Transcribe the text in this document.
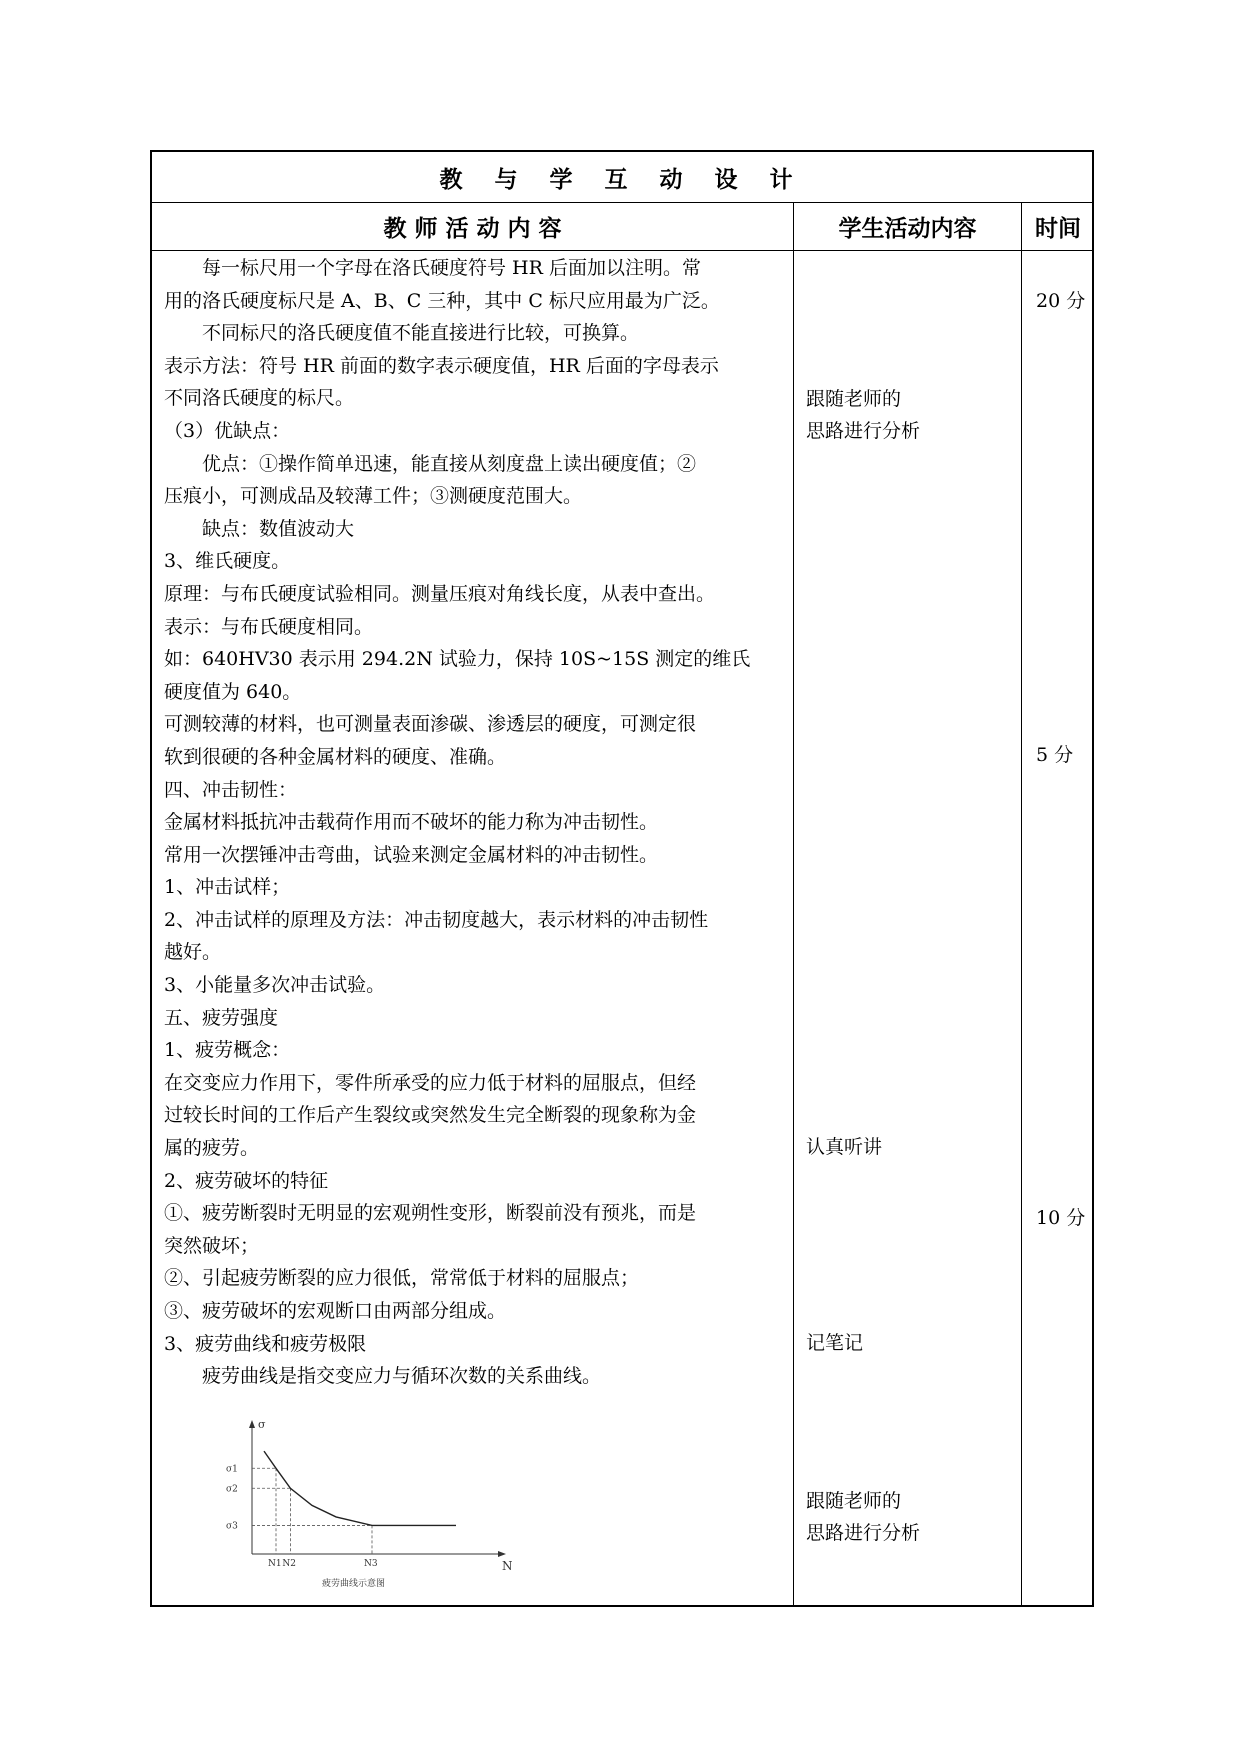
教 与 学 互 动 设 计
教 师 活 动 内 容	学生活动内容	时间
每一标尺用一个字母在洛氏硬度符号 HR 后面加以注明。常
用的洛氏硬度标尺是 A、B、C 三种，其中 C 标尺应用最为广泛。
不同标尺的洛氏硬度值不能直接进行比较，可换算。
表示方法：符号 HR 前面的数字表示硬度值，HR 后面的字母表示
不同洛氏硬度的标尺。
（3）优缺点：
优点：①操作简单迅速，能直接从刻度盘上读出硬度值；②
压痕小，可测成品及较薄工件；③测硬度范围大。
缺点：数值波动大
3、维氏硬度。
原理：与布氏硬度试验相同。测量压痕对角线长度，从表中查出。
表示：与布氏硬度相同。
如：640HV30 表示用 294.2N 试验力，保持 10S~15S 测定的维氏
硬度值为 640。
可测较薄的材料，也可测量表面渗碳、渗透层的硬度，可测定很
软到很硬的各种金属材料的硬度、准确。
四、冲击韧性：
金属材料抵抗冲击载荷作用而不破坏的能力称为冲击韧性。
常用一次摆锤冲击弯曲，试验来测定金属材料的冲击韧性。
1、冲击试样；
2、冲击试样的原理及方法：冲击韧度越大，表示材料的冲击韧性
越好。
3、小能量多次冲击试验。
五、疲劳强度
1、疲劳概念：
在交变应力作用下，零件所承受的应力低于材料的屈服点，但经
过较长时间的工作后产生裂纹或突然发生完全断裂的现象称为金
属的疲劳。
2、疲劳破坏的特征
①、疲劳断裂时无明显的宏观朔性变形，断裂前没有预兆，而是
突然破坏；
②、引起疲劳断裂的应力很低，常常低于材料的屈服点；
③、疲劳破坏的宏观断口由两部分组成。
3、疲劳曲线和疲劳极限
疲劳曲线是指交变应力与循环次数的关系曲线。
跟随老师的
思路进行分析
认真听讲
记笔记
跟随老师的
思路进行分析
20 分
5 分
10 分
σ
N
σ1
N1
σ2
N2
σ3
N3
疲劳曲线示意图
